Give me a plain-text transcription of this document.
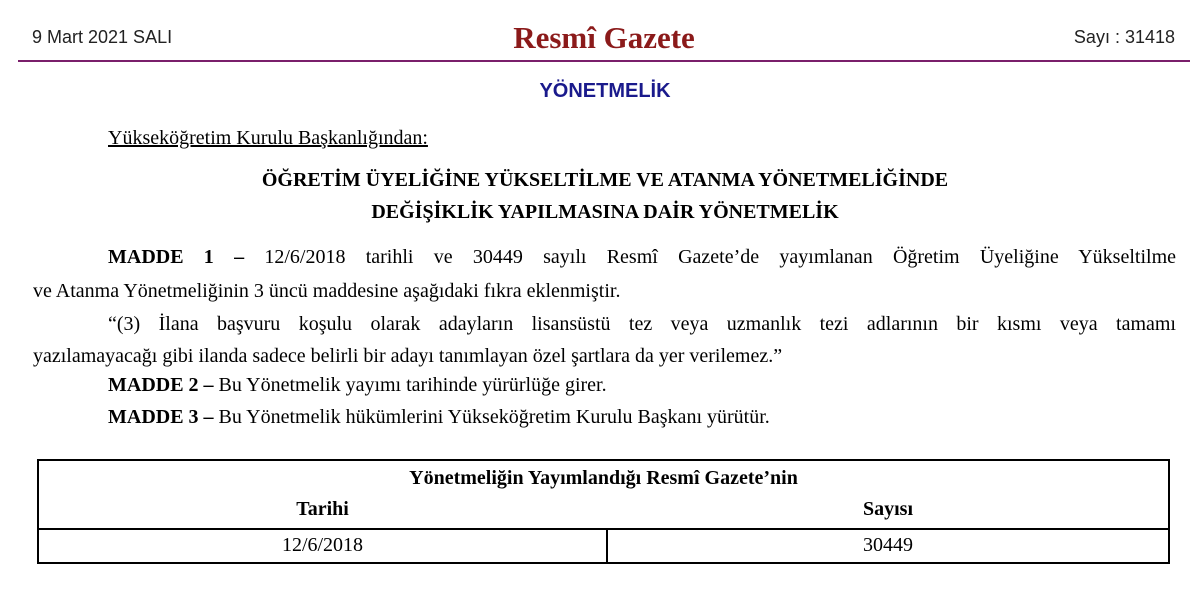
9 Mart 2021 SALI	Resmî Gazete	Sayı : 31418
YÖNETMELİK
Yükseköğretim Kurulu Başkanlığından:
ÖĞRETİM ÜYELİĞİNE YÜKSELTİLME VE ATANMA YÖNETMELİĞİNDE
DEĞİŞİKLİK YAPILMASINA DAİR YÖNETMELİK
MADDE 1 – 12/6/2018 tarihli ve 30449 sayılı Resmî Gazete’de yayımlanan Öğretim Üyeliğine Yükseltilme
ve Atanma Yönetmeliğinin 3 üncü maddesine aşağıdaki fıkra eklenmiştir.
“(3) İlana başvuru koşulu olarak adayların lisansüstü tez veya uzmanlık tezi adlarının bir kısmı veya tamamı
yazılamayacağı gibi ilanda sadece belirli bir adayı tanımlayan özel şartlara da yer verilemez.”
MADDE 2 – Bu Yönetmelik yayımı tarihinde yürürlüğe girer.
MADDE 3 – Bu Yönetmelik hükümlerini Yükseköğretim Kurulu Başkanı yürütür.
Yönetmeliğin Yayımlandığı Resmî Gazete’nin
Tarihi	Sayısı
12/6/2018	30449
